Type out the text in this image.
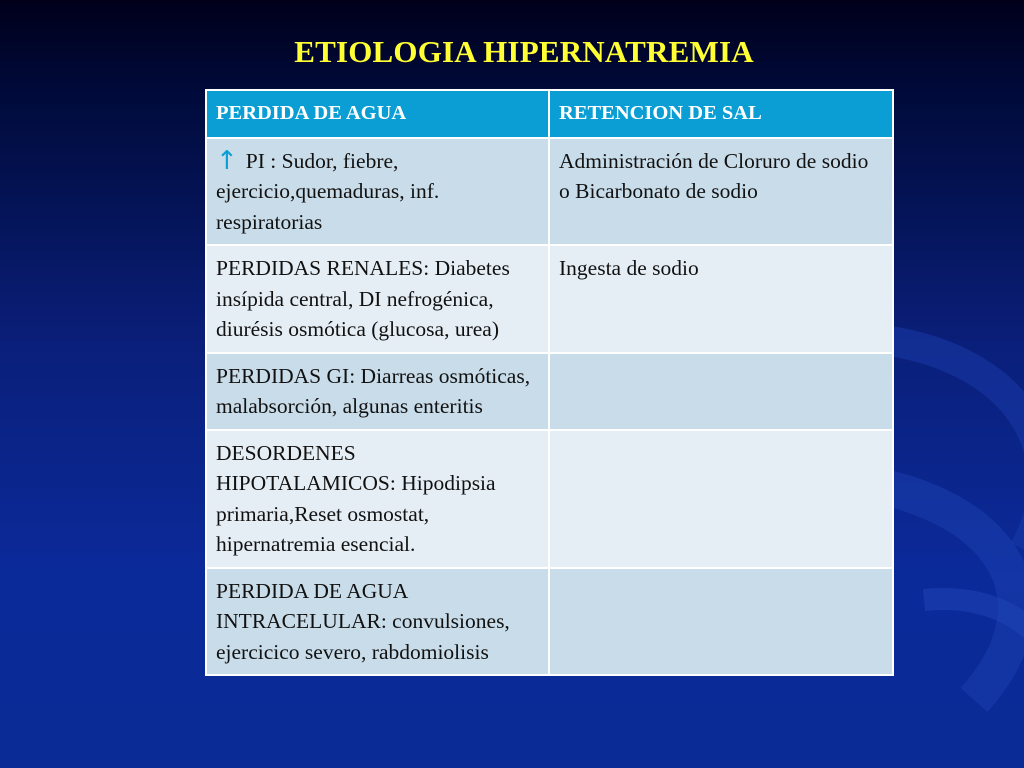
ETIOLOGIA HIPERNATREMIA
PERDIDA DE AGUA	RETENCION DE SAL
↑ PI : Sudor, fiebre, ejercicio,quemaduras, inf. respiratorias	Administración de Cloruro de sodio o Bicarbonato de sodio
PERDIDAS RENALES: Diabetes insípida central, DI nefrogénica, diurésis osmótica (glucosa, urea)	Ingesta de sodio
PERDIDAS GI: Diarreas osmóticas, malabsorción, algunas enteritis	
DESORDENES HIPOTALAMICOS: Hipodipsia primaria,Reset osmostat, hipernatremia esencial.	
PERDIDA DE AGUA INTRACELULAR: convulsiones, ejercicico severo, rabdomiolisis	
